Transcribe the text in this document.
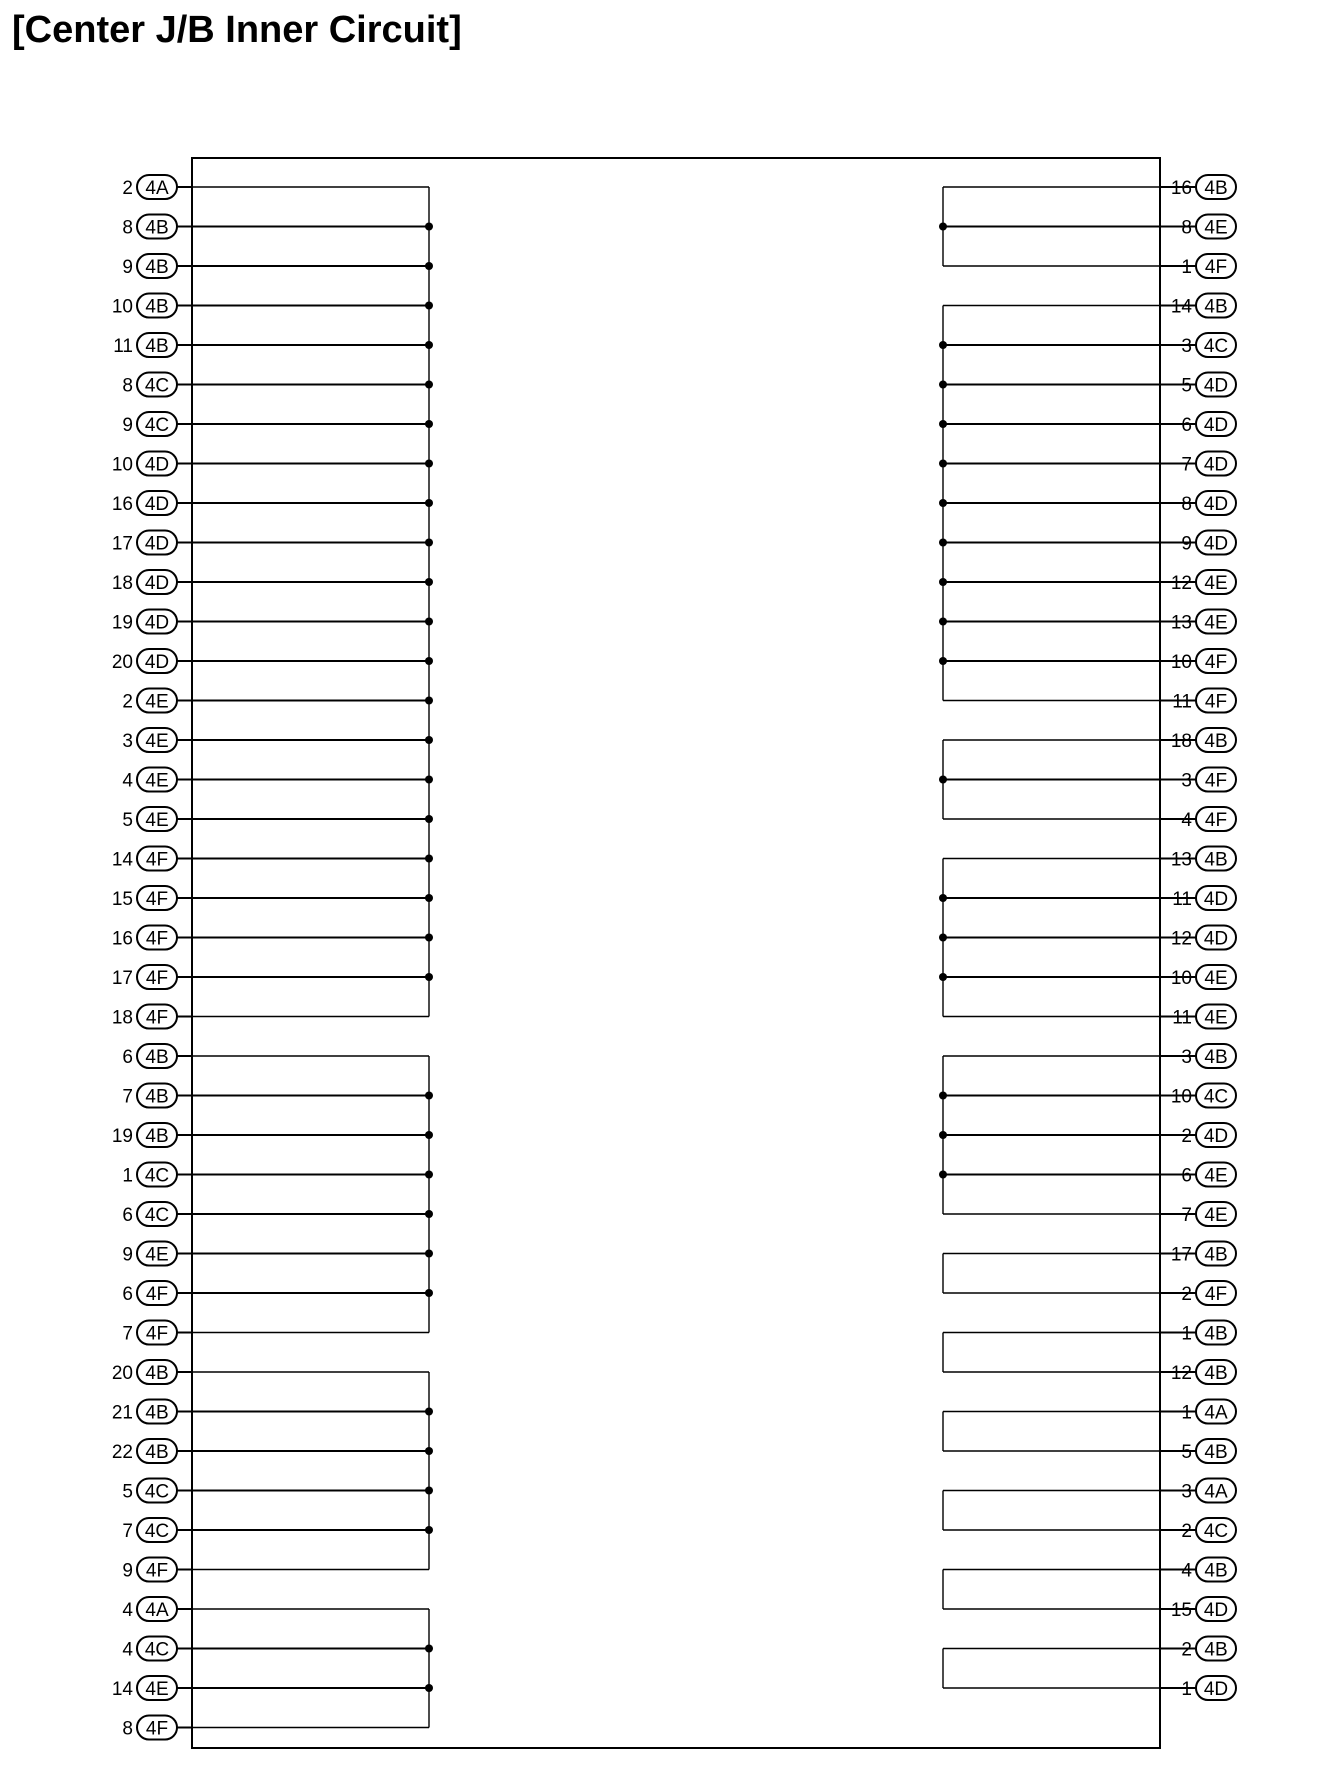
[Center J/B Inner Circuit]
2 4A
8 4B
9 4B
10 4B
11 4B
8 4C
9 4C
10 4D
16 4D
17 4D
18 4D
19 4D
20 4D
2 4E
3 4E
4 4E
5 4E
14 4F
15 4F
16 4F
17 4F
18 4F
6 4B
7 4B
19 4B
1 4C
6 4C
9 4E
6 4F
7 4F
20 4B
21 4B
22 4B
5 4C
7 4C
9 4F
4 4A
4 4C
14 4E
8 4F
16 4B
8 4E
1 4F
14 4B
3 4C
5 4D
6 4D
7 4D
8 4D
9 4D
12 4E
13 4E
10 4F
11 4F
18 4B
3 4F
4 4F
13 4B
11 4D
12 4D
10 4E
11 4E
3 4B
10 4C
2 4D
6 4E
7 4E
17 4B
2 4F
1 4B
12 4B
1 4A
5 4B
3 4A
2 4C
4 4B
15 4D
2 4B
1 4D
